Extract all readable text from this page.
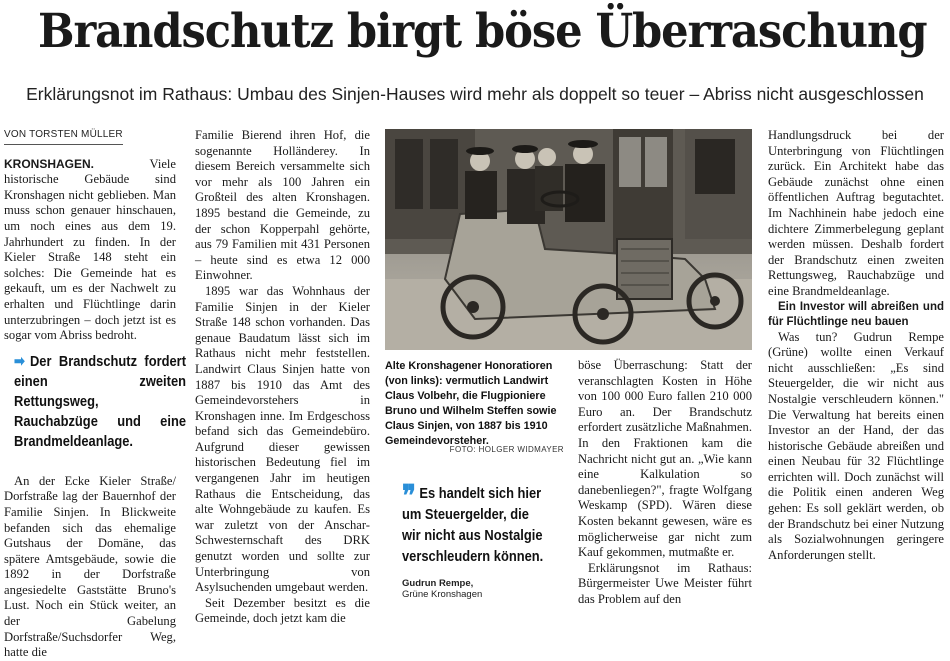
Brandschutz birgt böse Überraschung

Erklärungsnot im Rathaus: Umbau des Sinjen-Hauses wird mehr als doppelt so teuer – Abriss nicht ausgeschlossen

VON TORSTEN MÜLLER

KRONSHAGEN.	Viele historische Gebäude sind Kronshagen nicht geblieben. Man muss schon genauer hinschauen, um noch eines aus dem 19. Jahrhundert zu finden. In der Kieler Straße 148 steht ein solches: Die Gemeinde hat es gekauft, um es der Nachwelt zu erhalten und Flüchtlinge darin unterzubringen – doch jetzt ist es sogar vom Abriss bedroht.

➡ Der Brandschutz fordert einen zweiten Rettungsweg, Rauchabzüge und eine Brandmeldeanlage.

An der Ecke Kieler Straße/ Dorfstraße lag der Bauernhof der Familie Sinjen. In Blickweite befanden sich das ehemalige Gutshaus der Domäne, das spätere Amtsgebäude, sowie die 1892 in der Dorfstraße angesiedelte Gaststätte Bruno's Lust. Noch ein Stück weiter, an der Gabelung Dorfstraße/Suchsdorfer Weg, hatte die

Familie Bierend ihren Hof, die sogenannte Holländerey. In diesem Bereich versammelte sich vor mehr als 100 Jahren ein Großteil des alten Kronshagen. 1895 bestand die Gemeinde, zu der schon Kopperpahl gehörte, aus 79 Familien mit 431 Personen – heute sind es etwa 12 000 Einwohner.

1895 war das Wohnhaus der Familie Sinjen in der Kieler Straße 148 schon vorhanden. Das genaue Baudatum lässt sich im Rathaus nicht mehr feststellen. Landwirt Claus Sinjen hatte von 1887 bis 1910 das Amt des Gemeindevorstehers in Kronshagen inne. Im Erdgeschoss befand sich das Gemeindebüro. Aufgrund dieser gewissen historischen Bedeutung fiel im vergangenen Jahr im heutigen Rathaus die Entscheidung, das alte Wohngebäude zu kaufen. Es war zuletzt von der Anschar-Schwesternschaft des DRK genutzt worden und sollte zur Unterbringung von Asylsuchenden umgebaut werden.

Seit Dezember besitzt es die Gemeinde, doch jetzt kam die

Alte Kronshagener Honoratioren (von links): vermutlich Landwirt Claus Volbehr, die Flugpioniere Bruno und Wilhelm Steffen sowie Claus Sinjen, von 1887 bis 1910 Gemeindevorsteher.
FOTO: HOLGER WIDMAYER
❞ Es handelt sich hier um Steuergelder, die wir nicht aus Nostalgie verschleudern können.
Gudrun Rempe,
Grüne Kronshagen

böse Überraschung: Statt der veranschlagten Kosten in Höhe von 100 000 Euro fallen 210 000 Euro an. Der Brandschutz erfordert zusätzliche Maßnahmen. In den Fraktionen kam die Nachricht nicht gut an. „Wie kann eine Kalkulation so danebenliegen?", fragte Wolfgang Weskamp (SPD). Wären diese Kosten bekannt gewesen, wäre es möglicherweise gar nicht zum Kauf gekommen, mutmaßte er.

Erklärungsnot im Rathaus: Bürgermeister Uwe Meister führt das Problem auf den

Handlungsdruck bei der Unterbringung von Flüchtlingen zurück. Ein Architekt habe das Gebäude zunächst ohne einen öffentlichen Auftrag begutachtet. Im Nachhinein habe jedoch eine dichtere Zimmerbelegung geplant werden müssen. Deshalb fordert der Brandschutz einen zweiten Rettungsweg, Rauchabzüge und eine Brandmeldeanlage.

Ein Investor will abreißen und für Flüchtlinge neu bauen

Was tun? Gudrun Rempe (Grüne) wollte einen Verkauf nicht ausschließen: „Es sind Steuergelder, die wir nicht aus Nostalgie verschleudern können." Die Verwaltung hat bereits einen Investor an der Hand, der das historische Gebäude abreißen und einen Neubau für 32 Flüchtlinge errichten will. Doch zunächst will die Politik einen anderen Weg gehen: Es soll geklärt werden, ob der Brandschutz bei einer Nutzung als Sozialwohnungen geringere Anforderungen stellt.
